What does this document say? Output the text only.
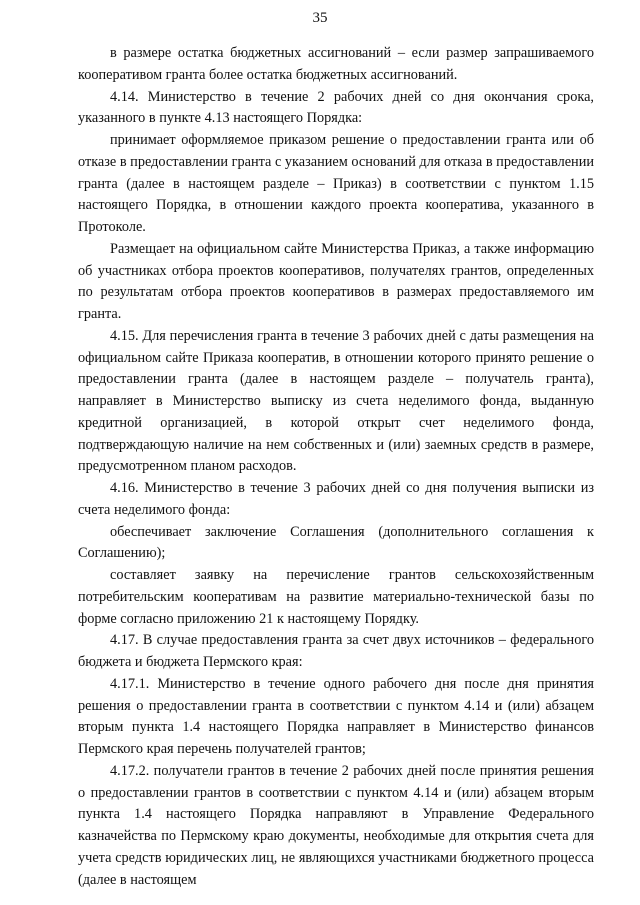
35

в размере остатка бюджетных ассигнований – если размер запрашиваемого кооперативом гранта более остатка бюджетных ассигнований.

4.14. Министерство в течение 2 рабочих дней со дня окончания срока, указанного в пункте 4.13 настоящего Порядка:

принимает оформляемое приказом решение о предоставлении гранта или об отказе в предоставлении гранта с указанием оснований для отказа в предоставлении гранта (далее в настоящем разделе – Приказ) в соответствии с пунктом 1.15 настоящего Порядка, в отношении каждого проекта кооператива, указанного в Протоколе.

Размещает на официальном сайте Министерства Приказ, а также информацию об участниках отбора проектов кооперативов, получателях грантов, определенных по результатам отбора проектов кооперативов в размерах предоставляемого им гранта.

4.15. Для перечисления гранта в течение 3 рабочих дней с даты размещения на официальном сайте Приказа кооператив, в отношении которого принято решение о предоставлении гранта (далее в настоящем разделе – получатель гранта), направляет в Министерство выписку из счета неделимого фонда, выданную кредитной организацией, в которой открыт счет неделимого фонда, подтверждающую наличие на нем собственных и (или) заемных средств в размере, предусмотренном планом расходов.

4.16. Министерство в течение 3 рабочих дней со дня получения выписки из счета неделимого фонда:

обеспечивает заключение Соглашения (дополнительного соглашения к Соглашению);

составляет заявку на перечисление грантов сельскохозяйственным потребительским кооперативам на развитие материально-технической базы по форме согласно приложению 21 к настоящему Порядку.

4.17. В случае предоставления гранта за счет двух источников – федерального бюджета и бюджета Пермского края:

4.17.1. Министерство в течение одного рабочего дня после дня принятия решения о предоставлении гранта в соответствии с пунктом 4.14 и (или) абзацем вторым пункта 1.4 настоящего Порядка направляет в Министерство финансов Пермского края перечень получателей грантов;

4.17.2. получатели грантов в течение 2 рабочих дней после принятия решения о предоставлении грантов в соответствии с пунктом 4.14 и (или) абзацем вторым пункта 1.4 настоящего Порядка направляют в Управление Федерального казначейства по Пермскому краю документы, необходимые для открытия счета для учета средств юридических лиц, не являющихся участниками бюджетного процесса (далее в настоящем
